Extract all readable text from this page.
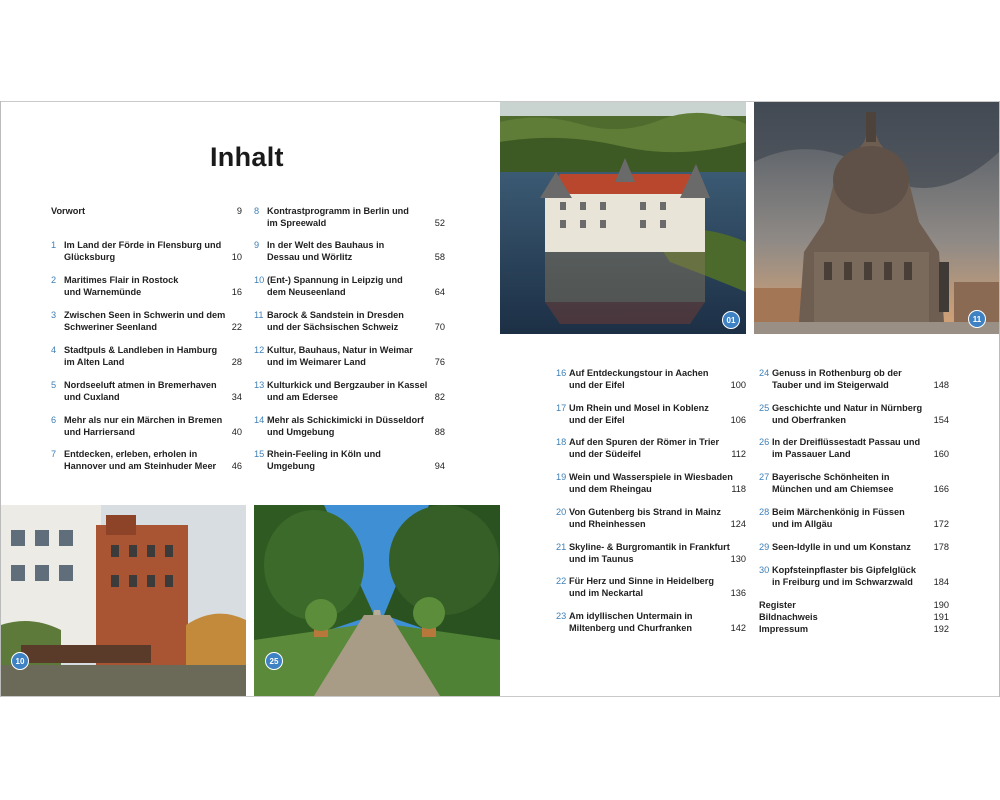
Inhalt
Vorwort	9
1 Im Land der Förde in Flensburg und
Glücksburg	10
2 Maritimes Flair in Rostock
und Warnemünde	16
3 Zwischen Seen in Schwerin und dem
Schweriner Seenland	22
4 Stadtpuls & Landleben in Hamburg
im Alten Land	28
5 Nordseeluft atmen in Bremerhaven
und Cuxland	34
6 Mehr als nur ein Märchen in Bremen
und Harriersand	40
7 Entdecken, erleben, erholen in
Hannover und am Steinhuder Meer 46
8 Kontrastprogramm in Berlin und
im Spreewald	52
9 In der Welt des Bauhaus in
Dessau und Wörlitz	58
10 (Ent-) Spannung in Leipzig und
dem Neuseenland	64
11 Barock & Sandstein in Dresden
und der Sächsischen Schweiz	70
12 Kultur, Bauhaus, Natur in Weimar
und im Weimarer Land	76
13 Kulturkick und Bergzauber in Kassel
und am Edersee	82
14 Mehr als Schickimicki in Düsseldorf
und Umgebung	88
15 Rhein-Feeling in Köln und
Umgebung	94
16 Auf Entdeckungstour in Aachen
und der Eifel	100
17 Um Rhein und Mosel in Koblenz
und der Eifel	106
18 Auf den Spuren der Römer in Trier
und der Südeifel	112
19 Wein und Wasserspiele in Wiesbaden
und dem Rheingau	118
20 Von Gutenberg bis Strand in Mainz
und Rheinhessen	124
21 Skyline- & Burgromantik in Frankfurt
und im Taunus	130
22 Für Herz und Sinne in Heidelberg
und im Neckartal	136
23 Am idyllischen Untermain in
Miltenberg und Churfranken	142
24 Genuss in Rothenburg ob der
Tauber und im Steigerwald	148
25 Geschichte und Natur in Nürnberg
und Oberfranken	154
26 In der Dreiflüssestadt Passau und
im Passauer Land	160
27 Bayerische Schönheiten in
München und am Chiemsee	166
28 Beim Märchenkönig in Füssen
und im Allgäu	172
29 Seen-Idylle in und um Konstanz 178
30 Kopfsteinpflaster bis Gipfelglück
in Freiburg und im Schwarzwald	184
Register	190
Bildnachweis	191
Impressum	192
01	11
10	25
